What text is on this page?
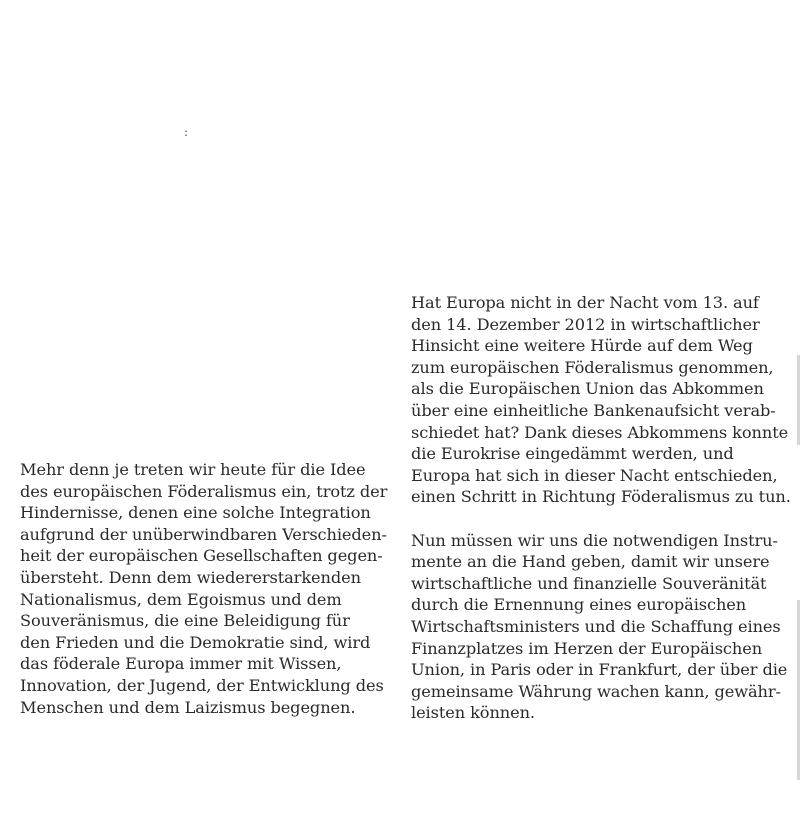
:
Mehr denn je treten wir heute für die Idee
des europäischen Föderalismus ein, trotz der
Hindernisse, denen eine solche Integration
aufgrund der unüberwindbaren Verschieden-
heit der europäischen Gesellschaften gegen-
übersteht. Denn dem wiedererstarkenden
Nationalismus, dem Egoismus und dem
Souveränismus, die eine Beleidigung für
den Frieden und die Demokratie sind, wird
das föderale Europa immer mit Wissen,
Innovation, der Jugend, der Entwicklung des
Menschen und dem Laizismus begegnen.
Hat Europa nicht in der Nacht vom 13. auf
den 14. Dezember 2012 in wirtschaftlicher
Hinsicht eine weitere Hürde auf dem Weg
zum europäischen Föderalismus genommen,
als die Europäischen Union das Abkommen
über eine einheitliche Bankenaufsicht verab-
schiedet hat? Dank dieses Abkommens konnte
die Eurokrise eingedämmt werden, und
Europa hat sich in dieser Nacht entschieden,
einen Schritt in Richtung Föderalismus zu tun.
Nun müssen wir uns die notwendigen Instru-
mente an die Hand geben, damit wir unsere
wirtschaftliche und finanzielle Souveränität
durch die Ernennung eines europäischen
Wirtschaftsministers und die Schaffung eines
Finanzplatzes im Herzen der Europäischen
Union, in Paris oder in Frankfurt, der über die
gemeinsame Währung wachen kann, gewähr-
leisten können.
